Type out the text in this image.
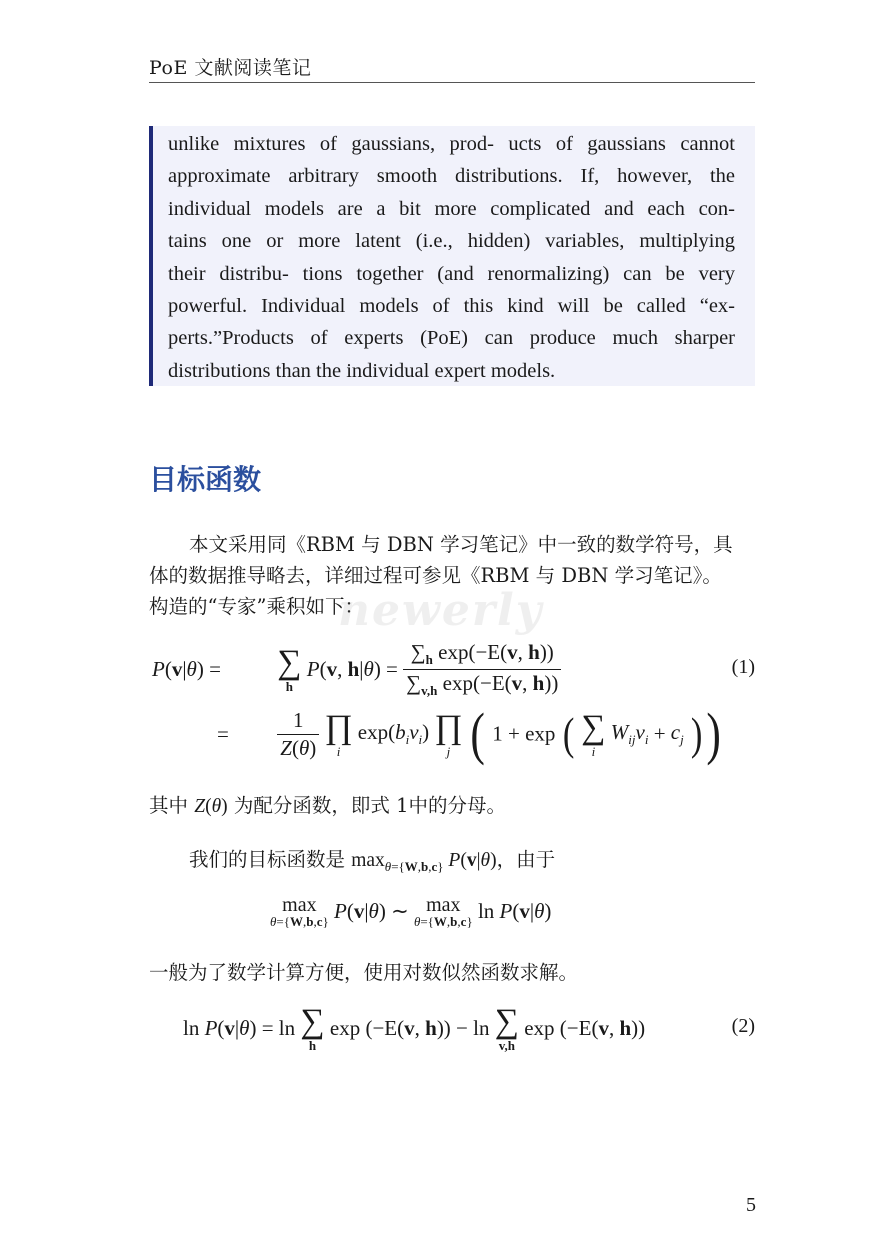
PoE 文献阅读笔记
unlike mixtures of gaussians, prod- ucts of gaussians cannot
approximate arbitrary smooth distributions. If, however, the
individual models are a bit more complicated and each con-
tains one or more latent (i.e., hidden) variables, multiplying
their distribu- tions together (and renormalizing) can be very
powerful. Individual models of this kind will be called “ex-
perts.”Products of experts (PoE) can produce much sharper
distributions than the individual expert models.
目标函数
本文采用同《RBM 与 DBN 学习笔记》中一致的数学符号，具
体的数据推导略去，详细过程可参见《RBM 与 DBN 学习笔记》。
构造的“专家”乘积如下：
newerly
P(v|θ) = ∑
h
P(v, $h|\theta) = \frac{\sum_h \exp(-E(v, h))}{\sum_{v,h} \exp(-E(v, h))}$	(1)
= $\frac{1}{Z(\theta)}$
∏
i
$\exp(b_iv_i)$ ∏
j ( 1 + exp ( ∑
i
$W_{ij}v_i + c_j$ ))
其中 Z(θ) 为配分函数，即式 1中的分母。
我们的目标函数是 $\max_{\theta=\{W,b,c\}} P(v|\theta)$，由于
max
θ={W,b,c} P(v|θ) ∼ max
θ={W,b,c} ln P(v|θ)
一般为了数学计算方便，使用对数似然函数求解。
ln P(v|θ) = ln ∑
h
exp (−E(v, h)) − ln ∑
v,h
exp (−E(v, h))	(2)
5
